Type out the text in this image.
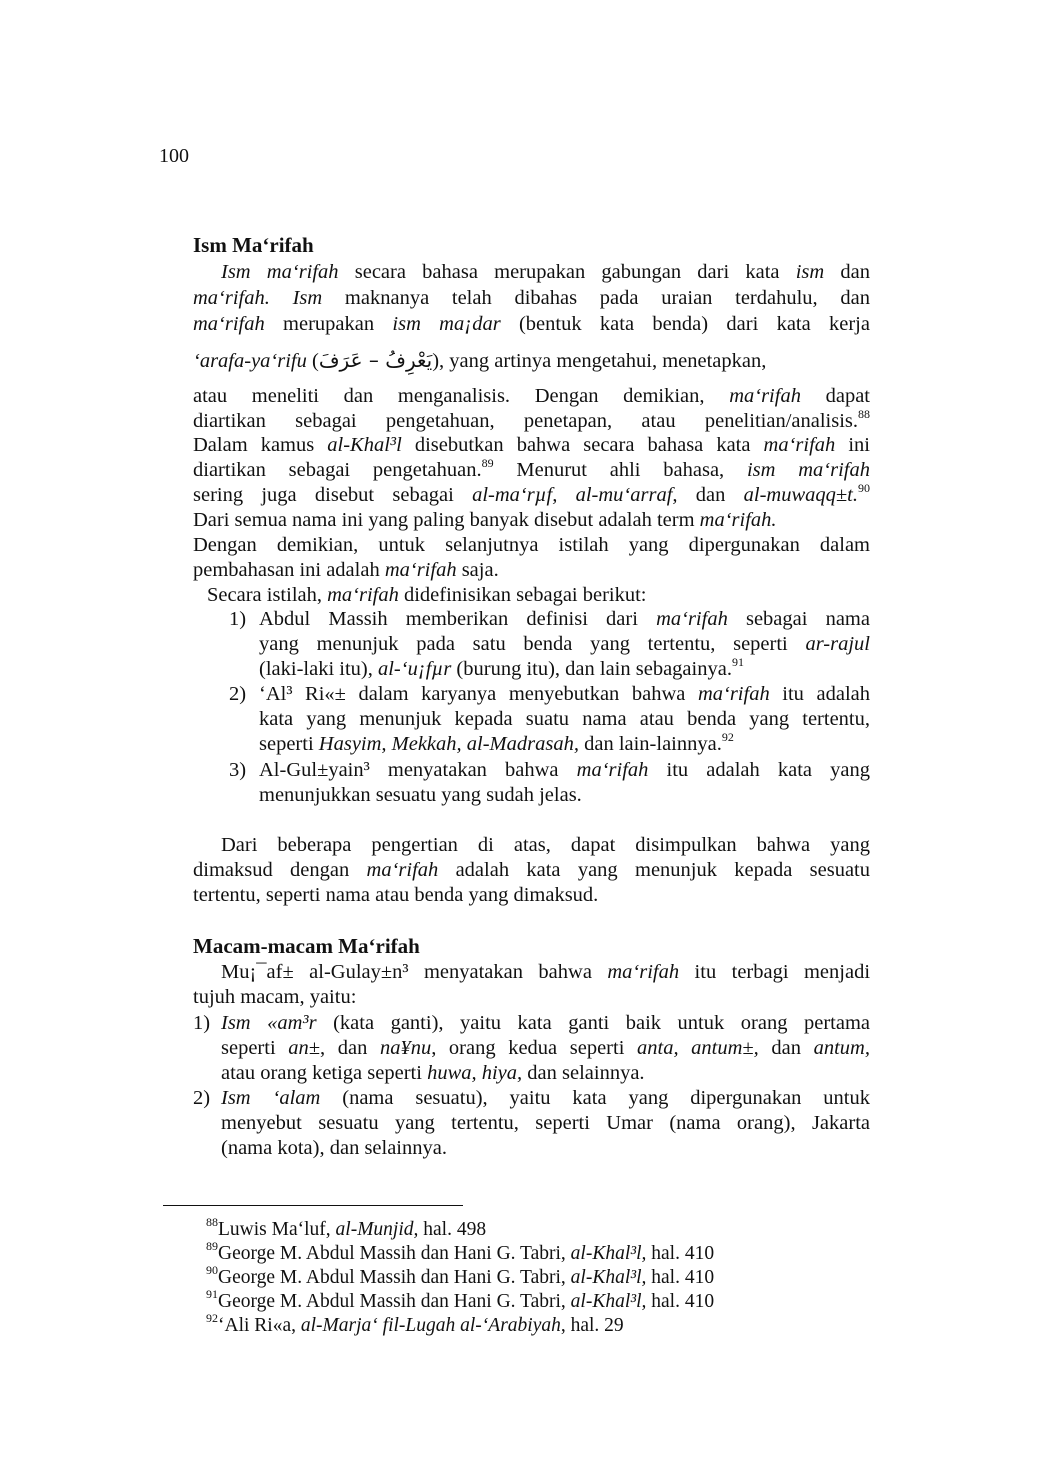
100
Ism Ma‘rifah
Ism ma‘rifah secara bahasa merupakan gabungan dari kata ism dan
ma‘rifah. Ism maknanya telah dibahas pada uraian terdahulu, dan
ma‘rifah merupakan ism ma¡dar (bentuk kata benda) dari kata kerja
‘arafa-ya‘rifu (يَعْرِفُ – عَرَفَ), yang artinya mengetahui, menetapkan,
atau meneliti dan menganalisis. Dengan demikian, ma‘rifah dapat
diartikan sebagai pengetahuan, penetapan, atau penelitian/analisis.$^{88}$
Dalam kamus al-Khal³l disebutkan bahwa secara bahasa kata ma‘rifah ini
diartikan sebagai pengetahuan.$^{89}$ Menurut ahli bahasa, ism ma‘rifah
sering juga disebut sebagai al-ma‘rµf, al-mu‘arraf, dan al-muwaqq±t.$^{90}$
Dari semua nama ini yang paling banyak disebut adalah term ma‘rifah.
Dengan demikian, untuk selanjutnya istilah yang dipergunakan dalam
pembahasan ini adalah ma‘rifah saja.
Secara istilah, ma‘rifah didefinisikan sebagai berikut:
1) Abdul Massih memberikan definisi dari ma‘rifah sebagai nama
yang menunjuk pada satu benda yang tertentu, seperti ar-rajul
(laki-laki itu), al-‘u¡fµr (burung itu), dan lain sebagainya.$^{91}$
2) ‘Al³ Ri«± dalam karyanya menyebutkan bahwa ma‘rifah itu adalah
kata yang menunjuk kepada suatu nama atau benda yang tertentu,
seperti Hasyim, Mekkah, al-Madrasah, dan lain-lainnya.$^{92}$
3) Al-Gul±yain³ menyatakan bahwa ma‘rifah itu adalah kata yang
menunjukkan sesuatu yang sudah jelas.
Dari beberapa pengertian di atas, dapat disimpulkan bahwa yang
dimaksud dengan ma‘rifah adalah kata yang menunjuk kepada sesuatu
tertentu, seperti nama atau benda yang dimaksud.
Macam-macam Ma‘rifah
Mu¡¯af± al-Gulay±n³ menyatakan bahwa ma‘rifah itu terbagi menjadi
tujuh macam, yaitu:
1) Ism «am³r (kata ganti), yaitu kata ganti baik untuk orang pertama
seperti an±, dan na¥nu, orang kedua seperti anta, antum±, dan antum,
atau orang ketiga seperti huwa, hiya, dan selainnya.
2) Ism ‘alam (nama sesuatu), yaitu kata yang dipergunakan untuk
menyebut sesuatu yang tertentu, seperti Umar (nama orang), Jakarta
(nama kota), dan selainnya.
$^{88}$Luwis Ma‘luf, al-Munjid, hal. 498
$^{89}$George M. Abdul Massih dan Hani G. Tabri, al-Khal³l, hal. 410
$^{90}$George M. Abdul Massih dan Hani G. Tabri, al-Khal³l, hal. 410
$^{91}$George M. Abdul Massih dan Hani G. Tabri, al-Khal³l, hal. 410
$^{92}$‘Ali Ri«a, al-Marja‘ fil-Lugah al-‘Arabiyah, hal. 29
